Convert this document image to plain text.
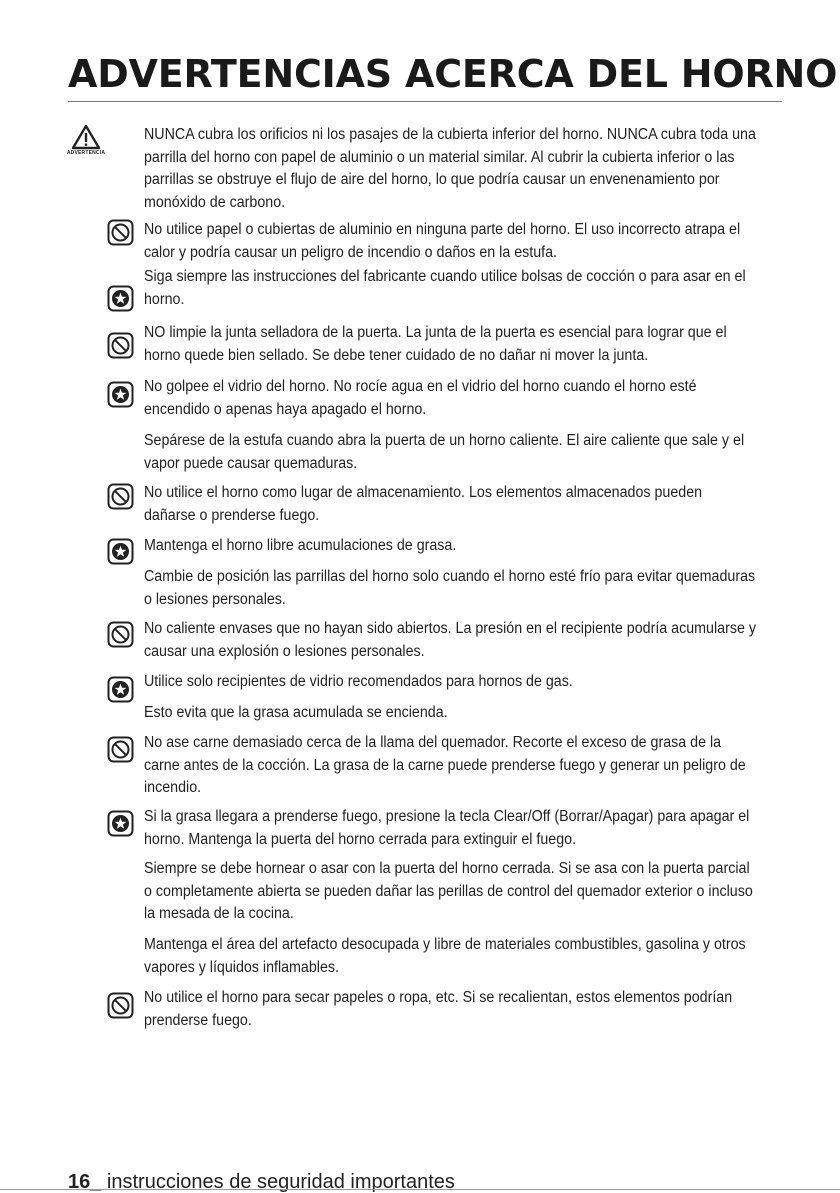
ADVERTENCIAS ACERCA DEL HORNO
ADVERTENCIA

NUNCA cubra los orificios ni los pasajes de la cubierta inferior del horno. NUNCA cubra toda una parrilla del horno con papel de aluminio o un material similar. Al cubrir la cubierta inferior o las parrillas se obstruye el flujo de aire del horno, lo que podría causar un envenenamiento por monóxido de carbono.

No utilice papel o cubiertas de aluminio en ninguna parte del horno. El uso incorrecto atrapa el calor y podría causar un peligro de incendio o daños en la estufa.

Siga siempre las instrucciones del fabricante cuando utilice bolsas de cocción o para asar en el horno.

NO limpie la junta selladora de la puerta. La junta de la puerta es esencial para lograr que el horno quede bien sellado. Se debe tener cuidado de no dañar ni mover la junta.

No golpee el vidrio del horno. No rocíe agua en el vidrio del horno cuando el horno esté encendido o apenas haya apagado el horno.

Sepárese de la estufa cuando abra la puerta de un horno caliente. El aire caliente que sale y el vapor puede causar quemaduras.

No utilice el horno como lugar de almacenamiento. Los elementos almacenados pueden dañarse o prenderse fuego.

Mantenga el horno libre acumulaciones de grasa.

Cambie de posición las parrillas del horno solo cuando el horno esté frío para evitar quemaduras o lesiones personales.

No caliente envases que no hayan sido abiertos. La presión en el recipiente podría acumularse y causar una explosión o lesiones personales.

Utilice solo recipientes de vidrio recomendados para hornos de gas.

Esto evita que la grasa acumulada se encienda.

No ase carne demasiado cerca de la llama del quemador. Recorte el exceso de grasa de la carne antes de la cocción. La grasa de la carne puede prenderse fuego y generar un peligro de incendio.

Si la grasa llegara a prenderse fuego, presione la tecla Clear/Off (Borrar/Apagar) para apagar el horno. Mantenga la puerta del horno cerrada para extinguir el fuego.

Siempre se debe hornear o asar con la puerta del horno cerrada. Si se asa con la puerta parcial o completamente abierta se pueden dañar las perillas de control del quemador exterior o incluso la mesada de la cocina.

Mantenga el área del artefacto desocupada y libre de materiales combustibles, gasolina y otros vapores y líquidos inflamables.

No utilice el horno para secar papeles o ropa, etc. Si se recalientan, estos elementos podrían prenderse fuego.

16_ instrucciones de seguridad importantes
